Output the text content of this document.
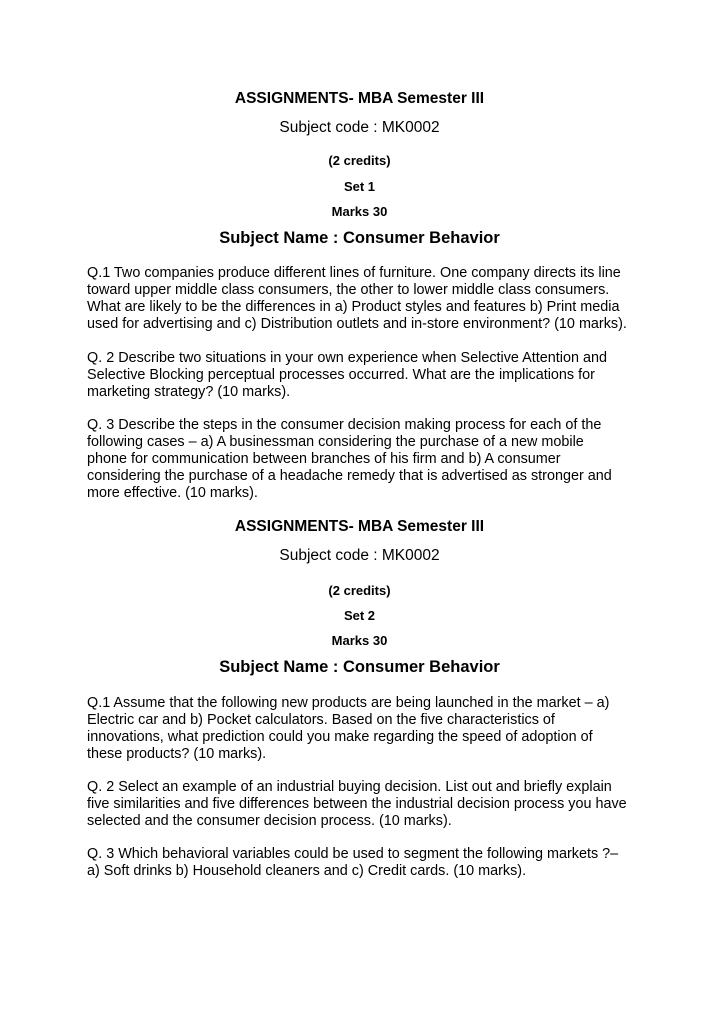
ASSIGNMENTS- MBA Semester III
Subject code : MK0002
(2 credits)
Set 1
Marks 30
Subject Name : Consumer Behavior
Q.1 Two companies produce different lines of furniture. One company directs its line
toward upper middle class consumers, the other to lower middle class consumers.
What are likely to be the differences in a) Product styles and features b) Print media
used for advertising and c) Distribution outlets and in-store environment? (10 marks).
Q. 2 Describe two situations in your own experience when Selective Attention and
Selective Blocking perceptual processes occurred. What are the implications for
marketing strategy? (10 marks).
Q. 3 Describe the steps in the consumer decision making process for each of the
following cases – a) A businessman considering the purchase of a new mobile
phone for communication between branches of his firm and b) A consumer
considering the purchase of a headache remedy that is advertised as stronger and
more effective. (10 marks).
ASSIGNMENTS- MBA Semester III
Subject code : MK0002
(2 credits)
Set 2
Marks 30
Subject Name : Consumer Behavior
Q.1 Assume that the following new products are being launched in the market – a)
Electric car and b) Pocket calculators. Based on the five characteristics of
innovations, what prediction could you make regarding the speed of adoption of
these products? (10 marks).
Q. 2 Select an example of an industrial buying decision. List out and briefly explain
five similarities and five differences between the industrial decision process you have
selected and the consumer decision process. (10 marks).
Q. 3 Which behavioral variables could be used to segment the following markets ?–
a) Soft drinks b) Household cleaners and c) Credit cards. (10 marks).
